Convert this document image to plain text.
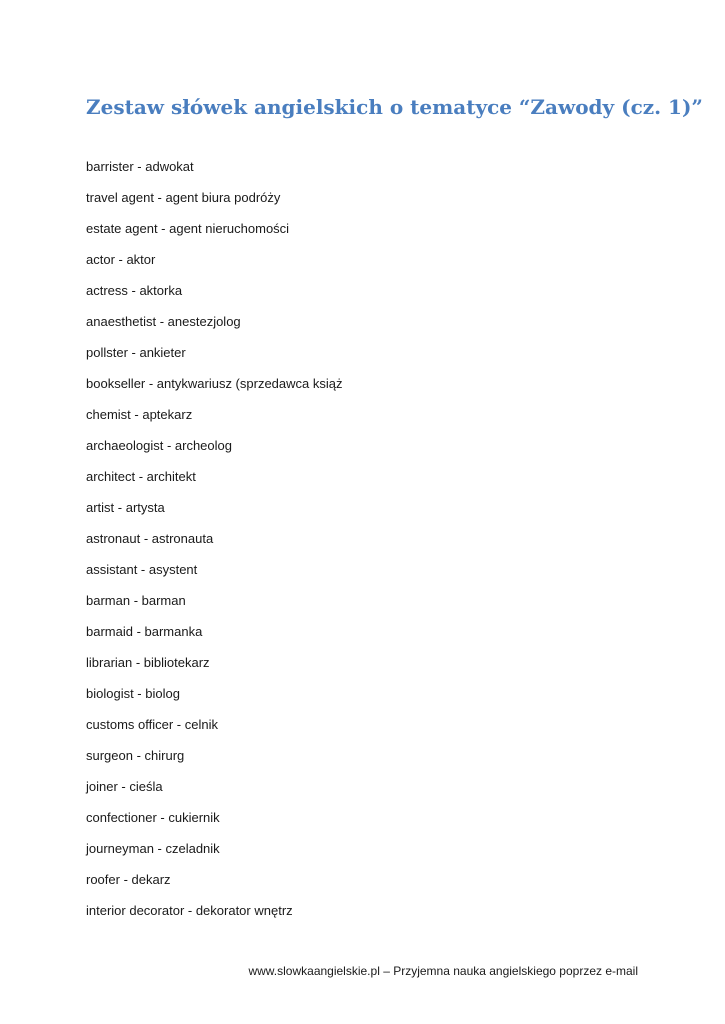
Zestaw słówek angielskich o tematyce “Zawody (cz. 1)”
barrister - adwokat
travel agent - agent biura podróży
estate agent - agent nieruchomości
actor - aktor
actress - aktorka
anaesthetist - anestezjolog
pollster - ankieter
bookseller - antykwariusz (sprzedawca książ
chemist - aptekarz
archaeologist - archeolog
architect - architekt
artist - artysta
astronaut - astronauta
assistant - asystent
barman - barman
barmaid - barmanka
librarian - bibliotekarz
biologist - biolog
customs officer - celnik
surgeon - chirurg
joiner - cieśla
confectioner - cukiernik
journeyman - czeladnik
roofer - dekarz
interior decorator - dekorator wnętrz
www.slowkaangielskie.pl – Przyjemna nauka angielskiego poprzez e-mail
